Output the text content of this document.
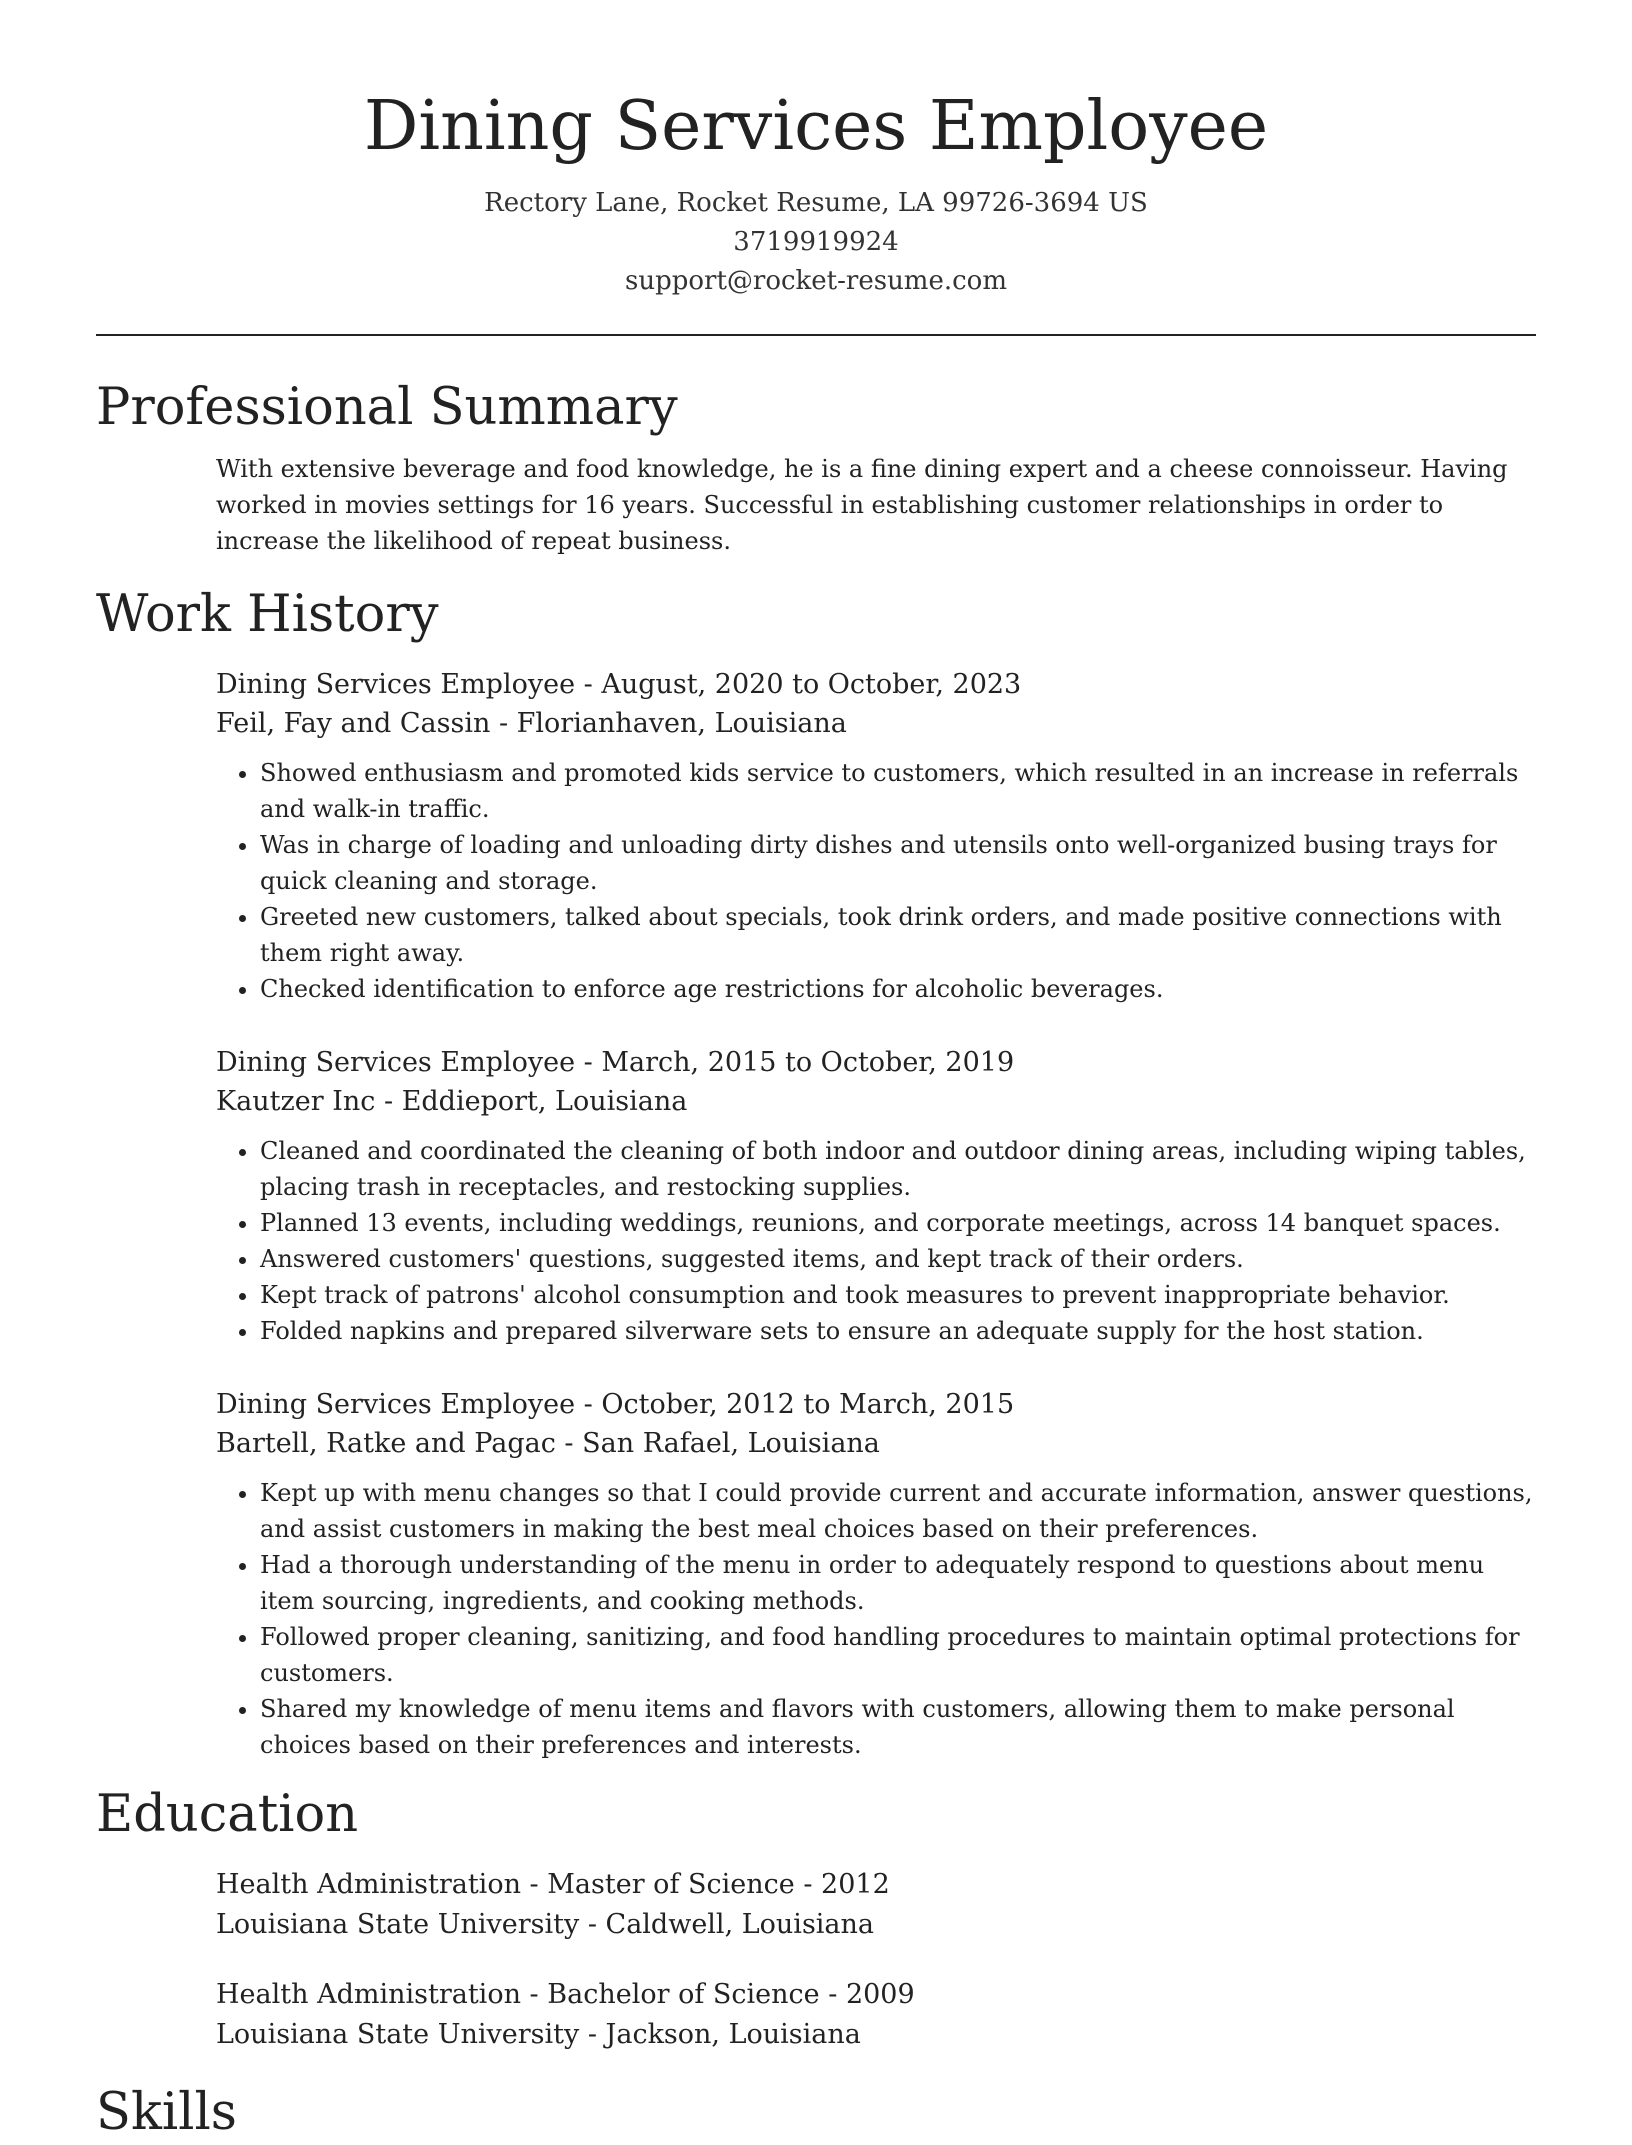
Dining Services Employee
Rectory Lane, Rocket Resume, LA 99726-3694 US
3719919924
support@rocket-resume.com
Professional Summary

With extensive beverage and food knowledge, he is a fine dining expert and a cheese connoisseur. Having worked in movies settings for 16 years. Successful in establishing customer relationships in order to increase the likelihood of repeat business.

Work History
Dining Services Employee - August, 2020 to October, 2023
Feil, Fay and Cassin - Florianhaven, Louisiana
• Showed enthusiasm and promoted kids service to customers, which resulted in an increase in referrals and walk-in traffic.
• Was in charge of loading and unloading dirty dishes and utensils onto well-organized busing trays for quick cleaning and storage.
• Greeted new customers, talked about specials, took drink orders, and made positive connections with them right away.
• Checked identification to enforce age restrictions for alcoholic beverages.
Dining Services Employee - March, 2015 to October, 2019
Kautzer Inc - Eddieport, Louisiana
• Cleaned and coordinated the cleaning of both indoor and outdoor dining areas, including wiping tables, placing trash in receptacles, and restocking supplies.
• Planned 13 events, including weddings, reunions, and corporate meetings, across 14 banquet spaces.
• Answered customers' questions, suggested items, and kept track of their orders.
• Kept track of patrons' alcohol consumption and took measures to prevent inappropriate behavior.
• Folded napkins and prepared silverware sets to ensure an adequate supply for the host station.
Dining Services Employee - October, 2012 to March, 2015
Bartell, Ratke and Pagac - San Rafael, Louisiana
• Kept up with menu changes so that I could provide current and accurate information, answer questions, and assist customers in making the best meal choices based on their preferences.
• Had a thorough understanding of the menu in order to adequately respond to questions about menu item sourcing, ingredients, and cooking methods.
• Followed proper cleaning, sanitizing, and food handling procedures to maintain optimal protections for customers.
• Shared my knowledge of menu items and flavors with customers, allowing them to make personal choices based on their preferences and interests.
Education
Health Administration - Master of Science - 2012
Louisiana State University - Caldwell, Louisiana
Health Administration - Bachelor of Science - 2009
Louisiana State University - Jackson, Louisiana
Skills
